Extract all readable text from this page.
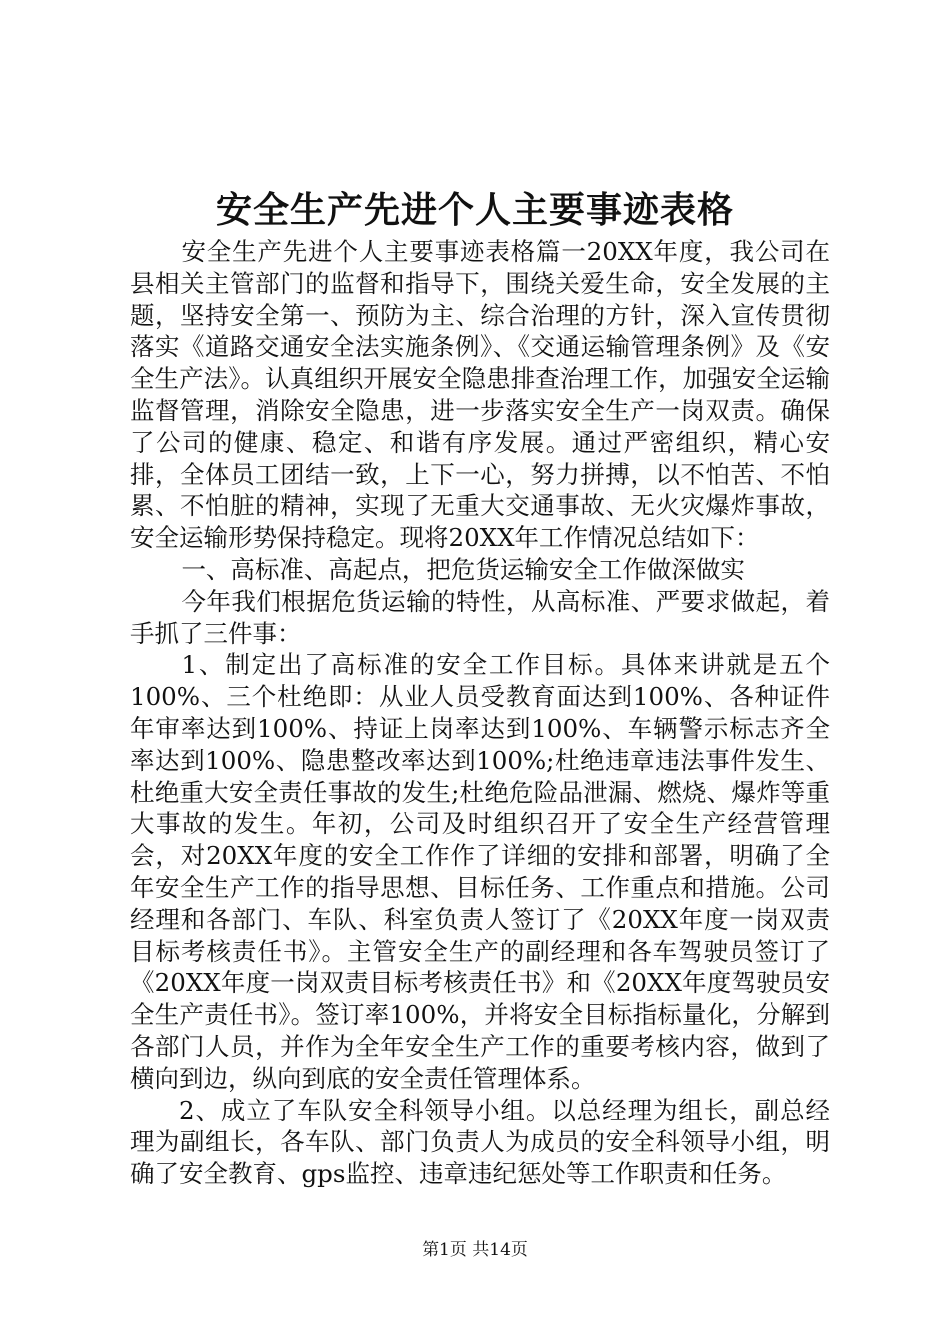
安全生产先进个人主要事迹表格

安全生产先进个人主要事迹表格篇一20XX年度，我公司在县相关主管部门的监督和指导下，围绕关爱生命，安全发展的主题，坚持安全第一、预防为主、综合治理的方针，深入宣传贯彻落实《道路交通安全法实施条例》、《交通运输管理条例》及《安全生产法》。认真组织开展安全隐患排查治理工作，加强安全运输监督管理，消除安全隐患，进一步落实安全生产一岗双责。确保了公司的健康、稳定、和谐有序发展。通过严密组织，精心安排，全体员工团结一致，上下一心，努力拼搏，以不怕苦、不怕累、不怕脏的精神，实现了无重大交通事故、无火灾爆炸事故，安全运输形势保持稳定。现将20XX年工作情况总结如下：

一、高标准、高起点，把危货运输安全工作做深做实

今年我们根据危货运输的特性，从高标准、严要求做起，着手抓了三件事：

1、制定出了高标准的安全工作目标。具体来讲就是五个100%、三个杜绝即：从业人员受教育面达到100%、各种证件年审率达到100%、持证上岗率达到100%、车辆警示标志齐全率达到100%、隐患整改率达到100%;杜绝违章违法事件发生、杜绝重大安全责任事故的发生;杜绝危险品泄漏、燃烧、爆炸等重大事故的发生。年初，公司及时组织召开了安全生产经营管理会，对20XX年度的安全工作作了详细的安排和部署，明确了全年安全生产工作的指导思想、目标任务、工作重点和措施。公司经理和各部门、车队、科室负责人签订了《20XX年度一岗双责目标考核责任书》。主管安全生产的副经理和各车驾驶员签订了《20XX年度一岗双责目标考核责任书》和《20XX年度驾驶员安全生产责任书》。签订率100%，并将安全目标指标量化，分解到各部门人员，并作为全年安全生产工作的重要考核内容，做到了横向到边，纵向到底的安全责任管理体系。

2、成立了车队安全科领导小组。以总经理为组长，副总经理为副组长，各车队、部门负责人为成员的安全科领导小组，明确了安全教育、gps监控、违章违纪惩处等工作职责和任务。

第1页 共14页
